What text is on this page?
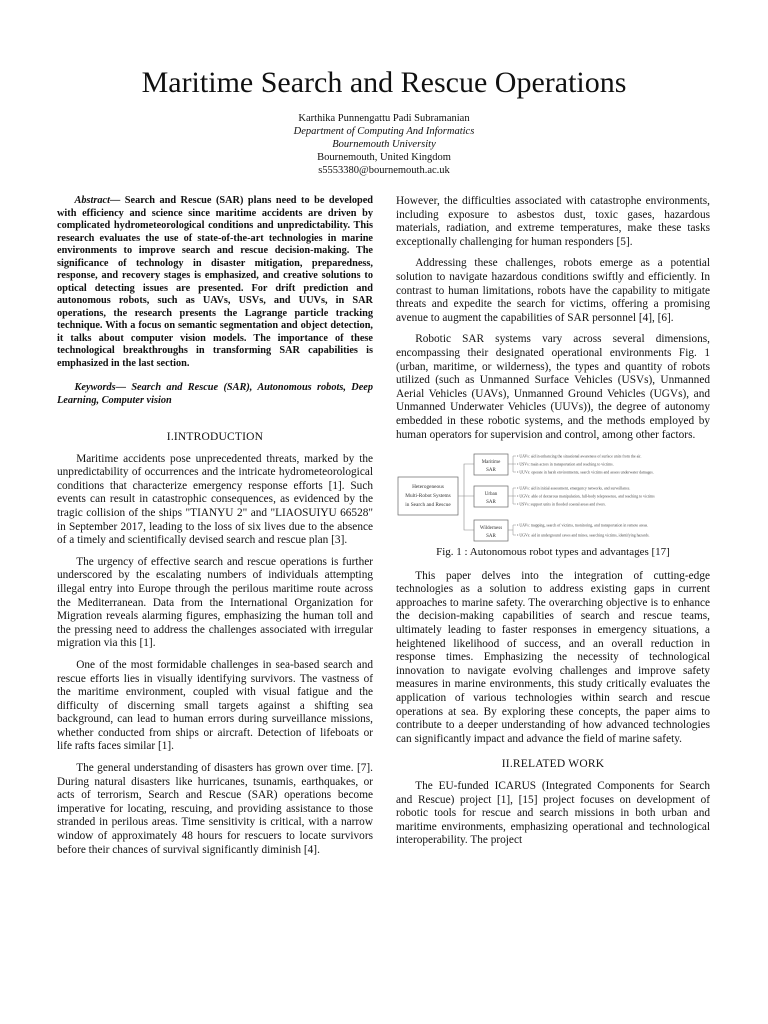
Maritime Search and Rescue Operations
Karthika Punnengattu Padi Subramanian
Department of Computing And Informatics
Bournemouth University
Bournemouth, United Kingdom
s5553380@bournemouth.ac.uk

Abstract— Search and Rescue (SAR) plans need to be developed with efficiency and science since maritime accidents are driven by complicated hydrometeorological conditions and unpredictability. This research evaluates the use of state-of-the-art technologies in marine environments to improve search and rescue decision-making. The significance of technology in disaster mitigation, preparedness, response, and recovery stages is emphasized, and creative solutions to optical detecting issues are presented. For drift prediction and autonomous robots, such as UAVs, USVs, and UUVs, in SAR operations, the research presents the Lagrange particle tracking technique. With a focus on semantic segmentation and object detection, it talks about computer vision models. The importance of these technological breakthroughs in transforming SAR capabilities is emphasized in the last section.

Keywords— Search and Rescue (SAR), Autonomous robots, Deep Learning, Computer vision

I.INTRODUCTION

Maritime accidents pose unprecedented threats, marked by the unpredictability of occurrences and the intricate hydrometeorological conditions that characterize emergency response efforts [1]. Such events can result in catastrophic consequences, as evidenced by the tragic collision of the ships "TIANYU 2" and "LIAOSUIYU 66528" in September 2017, leading to the loss of six lives due to the absence of a timely and scientifically devised search and rescue plan [3].

The urgency of effective search and rescue operations is further underscored by the escalating numbers of individuals attempting illegal entry into Europe through the perilous maritime route across the Mediterranean. Data from the International Organization for Migration reveals alarming figures, emphasizing the human toll and the pressing need to address the challenges associated with irregular migration via this [1].

One of the most formidable challenges in sea-based search and rescue efforts lies in visually identifying survivors. The vastness of the maritime environment, coupled with visual fatigue and the difficulty of discerning small targets against a shifting sea background, can lead to human errors during surveillance missions, whether conducted from ships or aircraft. Detection of lifeboats or life rafts faces similar [1].

The general understanding of disasters has grown over time. [7]. During natural disasters like hurricanes, tsunamis, earthquakes, or acts of terrorism, Search and Rescue (SAR) operations become imperative for locating, rescuing, and providing assistance to those stranded in perilous areas. Time sensitivity is critical, with a narrow window of approximately 48 hours for rescuers to locate survivors before their chances of survival significantly diminish [4].

However, the difficulties associated with catastrophe environments, including exposure to asbestos dust, toxic gases, hazardous materials, radiation, and extreme temperatures, make these tasks exceptionally challenging for human responders [5].

Addressing these challenges, robots emerge as a potential solution to navigate hazardous conditions swiftly and efficiently. In contrast to human limitations, robots have the capability to mitigate threats and expedite the search for victims, offering a promising avenue to augment the capabilities of SAR personnel [4], [6].

Robotic SAR systems vary across several dimensions, encompassing their designated operational environments Fig. 1 (urban, maritime, or wilderness), the types and quantity of robots utilized (such as Unmanned Surface Vehicles (USVs), Unmanned Aerial Vehicles (UAVs), Unmanned Ground Vehicles (UGVs), and Unmanned Underwater Vehicles (UUVs)), the degree of autonomy embedded in these robotic systems, and the methods employed by human operators for supervision and control, among other factors.

Heterogeneous
Multi-Robot Systems
in Search and Rescue
Maritime
SAR
Urban
SAR
Wilderness
SAR
• UAVs: aid in enhancing the situational awareness of surface units from the air.
• USVs: main actors in transportation and reaching to victims.
• UUVs: operate in harsh environments, search victims and assess underwater damages.
• UAVs: aid in initial assessment, emergency networks, and surveillance.
• UGVs: able of dexterous manipulation, full-body telepresence, and reaching to victims
• USVs: support units in flooded coastal areas and rivers.
• UAVs: mapping, search of victims, monitoring, and transportation in remote areas.
• UGVs: aid in underground caves and mines, searching victims, identifying hazards.
Fig. 1 : Autonomous robot types and advantages [17]

This paper delves into the integration of cutting-edge technologies as a solution to address existing gaps in current approaches to marine safety. The overarching objective is to enhance the decision-making capabilities of search and rescue teams, ultimately leading to faster responses in emergency situations, a heightened likelihood of success, and an overall reduction in response times. Emphasizing the necessity of technological innovation to navigate evolving challenges and improve safety measures in marine environments, this study critically evaluates the application of various technologies within search and rescue operations at sea. By exploring these concepts, the paper aims to contribute to a deeper understanding of how advanced technologies can significantly impact and advance the field of marine safety.

II.RELATED WORK

The EU-funded ICARUS (Integrated Components for Search and Rescue) project [1], [15] project focuses on development of robotic tools for rescue and search missions in both urban and maritime environments, emphasizing operational and technological interoperability. The project
